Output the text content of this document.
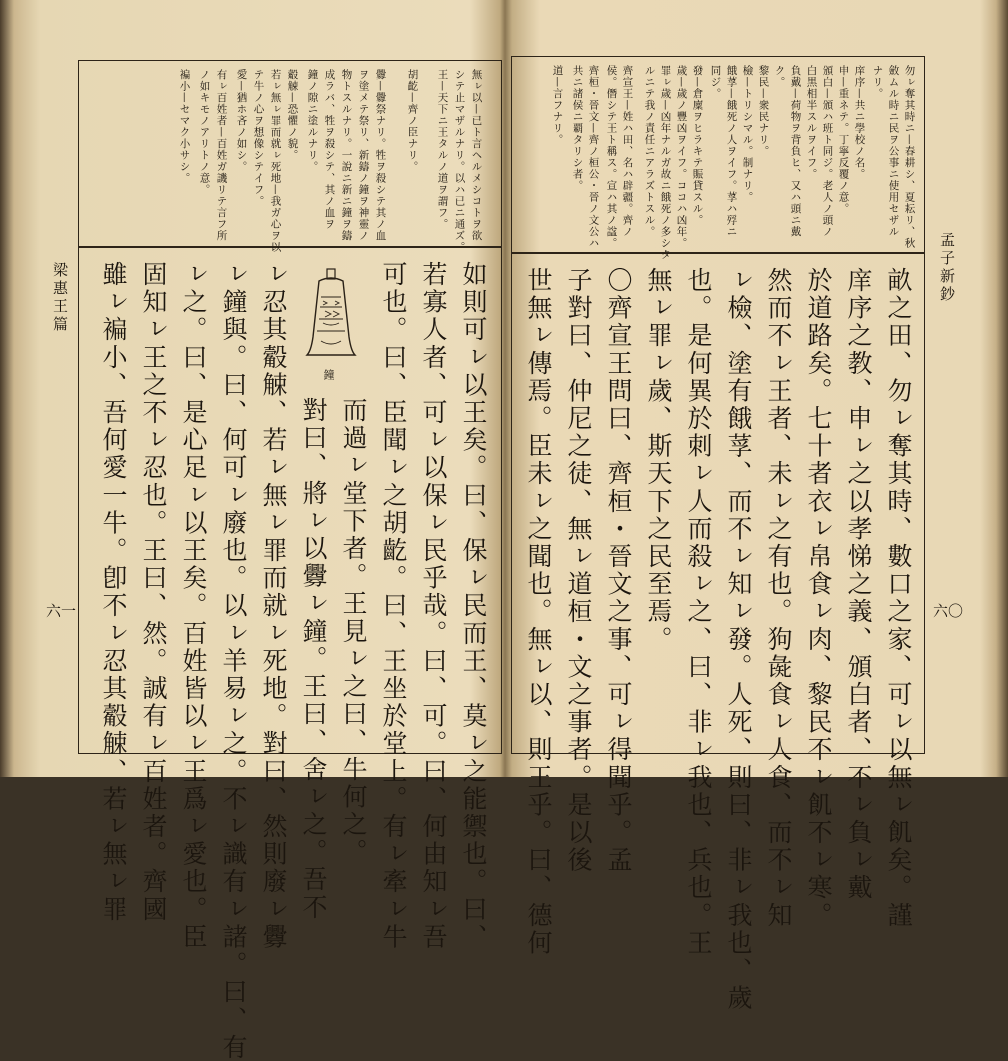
梁惠王篇
六一
無ㇾ以—已ト言ヘルメシコトヲ欲
シテ止マザルナリ。以ハ已ニ通ズ。
王—天下ニ王タルノ道ヲ謂フ。
胡齕—齊ノ臣ナリ。
釁—釁祭ナリ。牲ヲ殺シテ其ノ血
ヲ塗メテ祭リ、新鑄ノ鐘ヲ神靈ノ
物トスルナリ。一說ニ新ニ鐘ヲ鑄
成ラバ、牲ヲ殺シテ、其ノ血ヲ
鐘ノ隙ニ塗ルナリ。
觳觫—恐懼ノ貌。
若ㇾ無ㇾ罪而就ㇾ死地—我ガ心ヲ以
テ牛ノ心ヲ想像シテイフ。
愛—猶ホ吝ノ如シ。
有ㇾ百姓者—百姓ガ譏リテ言フ所
ノ如キモノアリトノ意。
褊小—セマク小サシ。
如則可ㇾ以王矣。曰、保ㇾ民而王、莫ㇾ之能禦也。曰、
若寡人者、可ㇾ以保ㇾ民乎哉。曰、可。曰、何由知ㇾ吾
可也。曰、臣聞ㇾ之胡齕。曰、王坐於堂上。有ㇾ牽ㇾ牛
而過ㇾ堂下者。王見ㇾ之曰、牛何之。
對曰、將ㇾ以釁ㇾ鐘。王曰、舍ㇾ之。吾不
ㇾ忍其觳觫、若ㇾ無ㇾ罪而就ㇾ死地。對曰、然則廢ㇾ釁
ㇾ鐘與。曰、何可ㇾ廢也。以ㇾ羊易ㇾ之。不ㇾ識有ㇾ諸。曰、有
ㇾ之。曰、是心足ㇾ以王矣。百姓皆以ㇾ王爲ㇾ愛也。臣
固知ㇾ王之不ㇾ忍也。王曰、然。誠有ㇾ百姓者。齊國
雖ㇾ褊小、吾何愛一牛。卽不ㇾ忍其觳觫、若ㇾ無ㇾ罪	鐘
孟子新鈔
六〇
勿ㇾ奪其時ニ—春耕シ、夏耘リ、秋
斂ムル時ニ民ヲ公事ニ使用セザル
ナリ。
庠序—共ニ學校ノ名。
申—重ネテ。丁寧反覆ノ意。
頒白—頒ハ班ト同ジ。老人ノ頭ノ
白黒相半スルヲイフ。
負戴—荷物ヲ背負ヒ、又ハ頭ニ戴
ク。
黎民—衆民ナリ。
檢—トリシマル。制ナリ。
餓莩—餓死ノ人ヲイフ。莩ハ殍ニ
同ジ。
發—倉廩ヲヒラキテ賑貸スル。
歲—歲ノ豐凶ヲイフ。ココハ凶年。
罪ㇾ歲—凶年ナルガ故ニ餓死ノ多シタ
ルニテ我ノ責任ニアラズトスル。
齊宣王—姓ハ田、名ハ辟疆。齊ノ
侯。僭シテ王ト稱ス。宣ハ其ノ諡。
齊桓・晉文—齊ノ桓公・晉ノ文公ハ
共ニ諸侯ニ覇タリシ者。
道—言フナリ。
畝之田、勿ㇾ奪其時、數口之家、可ㇾ以無ㇾ飢矣。謹
庠序之教、申ㇾ之以孝悌之義、頒白者、不ㇾ負ㇾ戴
於道路矣。七十者衣ㇾ帛食ㇾ肉、黎民不ㇾ飢不ㇾ寒。
然而不ㇾ王者、未ㇾ之有也。狗彘食ㇾ人食、而不ㇾ知
ㇾ檢、塗有餓莩、而不ㇾ知ㇾ發。人死、則曰、非ㇾ我也、歲
也。是何異於刺ㇾ人而殺ㇾ之、曰、非ㇾ我也、兵也。王
無ㇾ罪ㇾ歲、斯天下之民至焉。
〇齊宣王問曰、齊桓・晉文之事、可ㇾ得聞乎。孟
子對曰、仲尼之徒、無ㇾ道桓・文之事者。是以後
世無ㇾ傳焉。臣未ㇾ之聞也。無ㇾ以、則王乎。曰、德何
